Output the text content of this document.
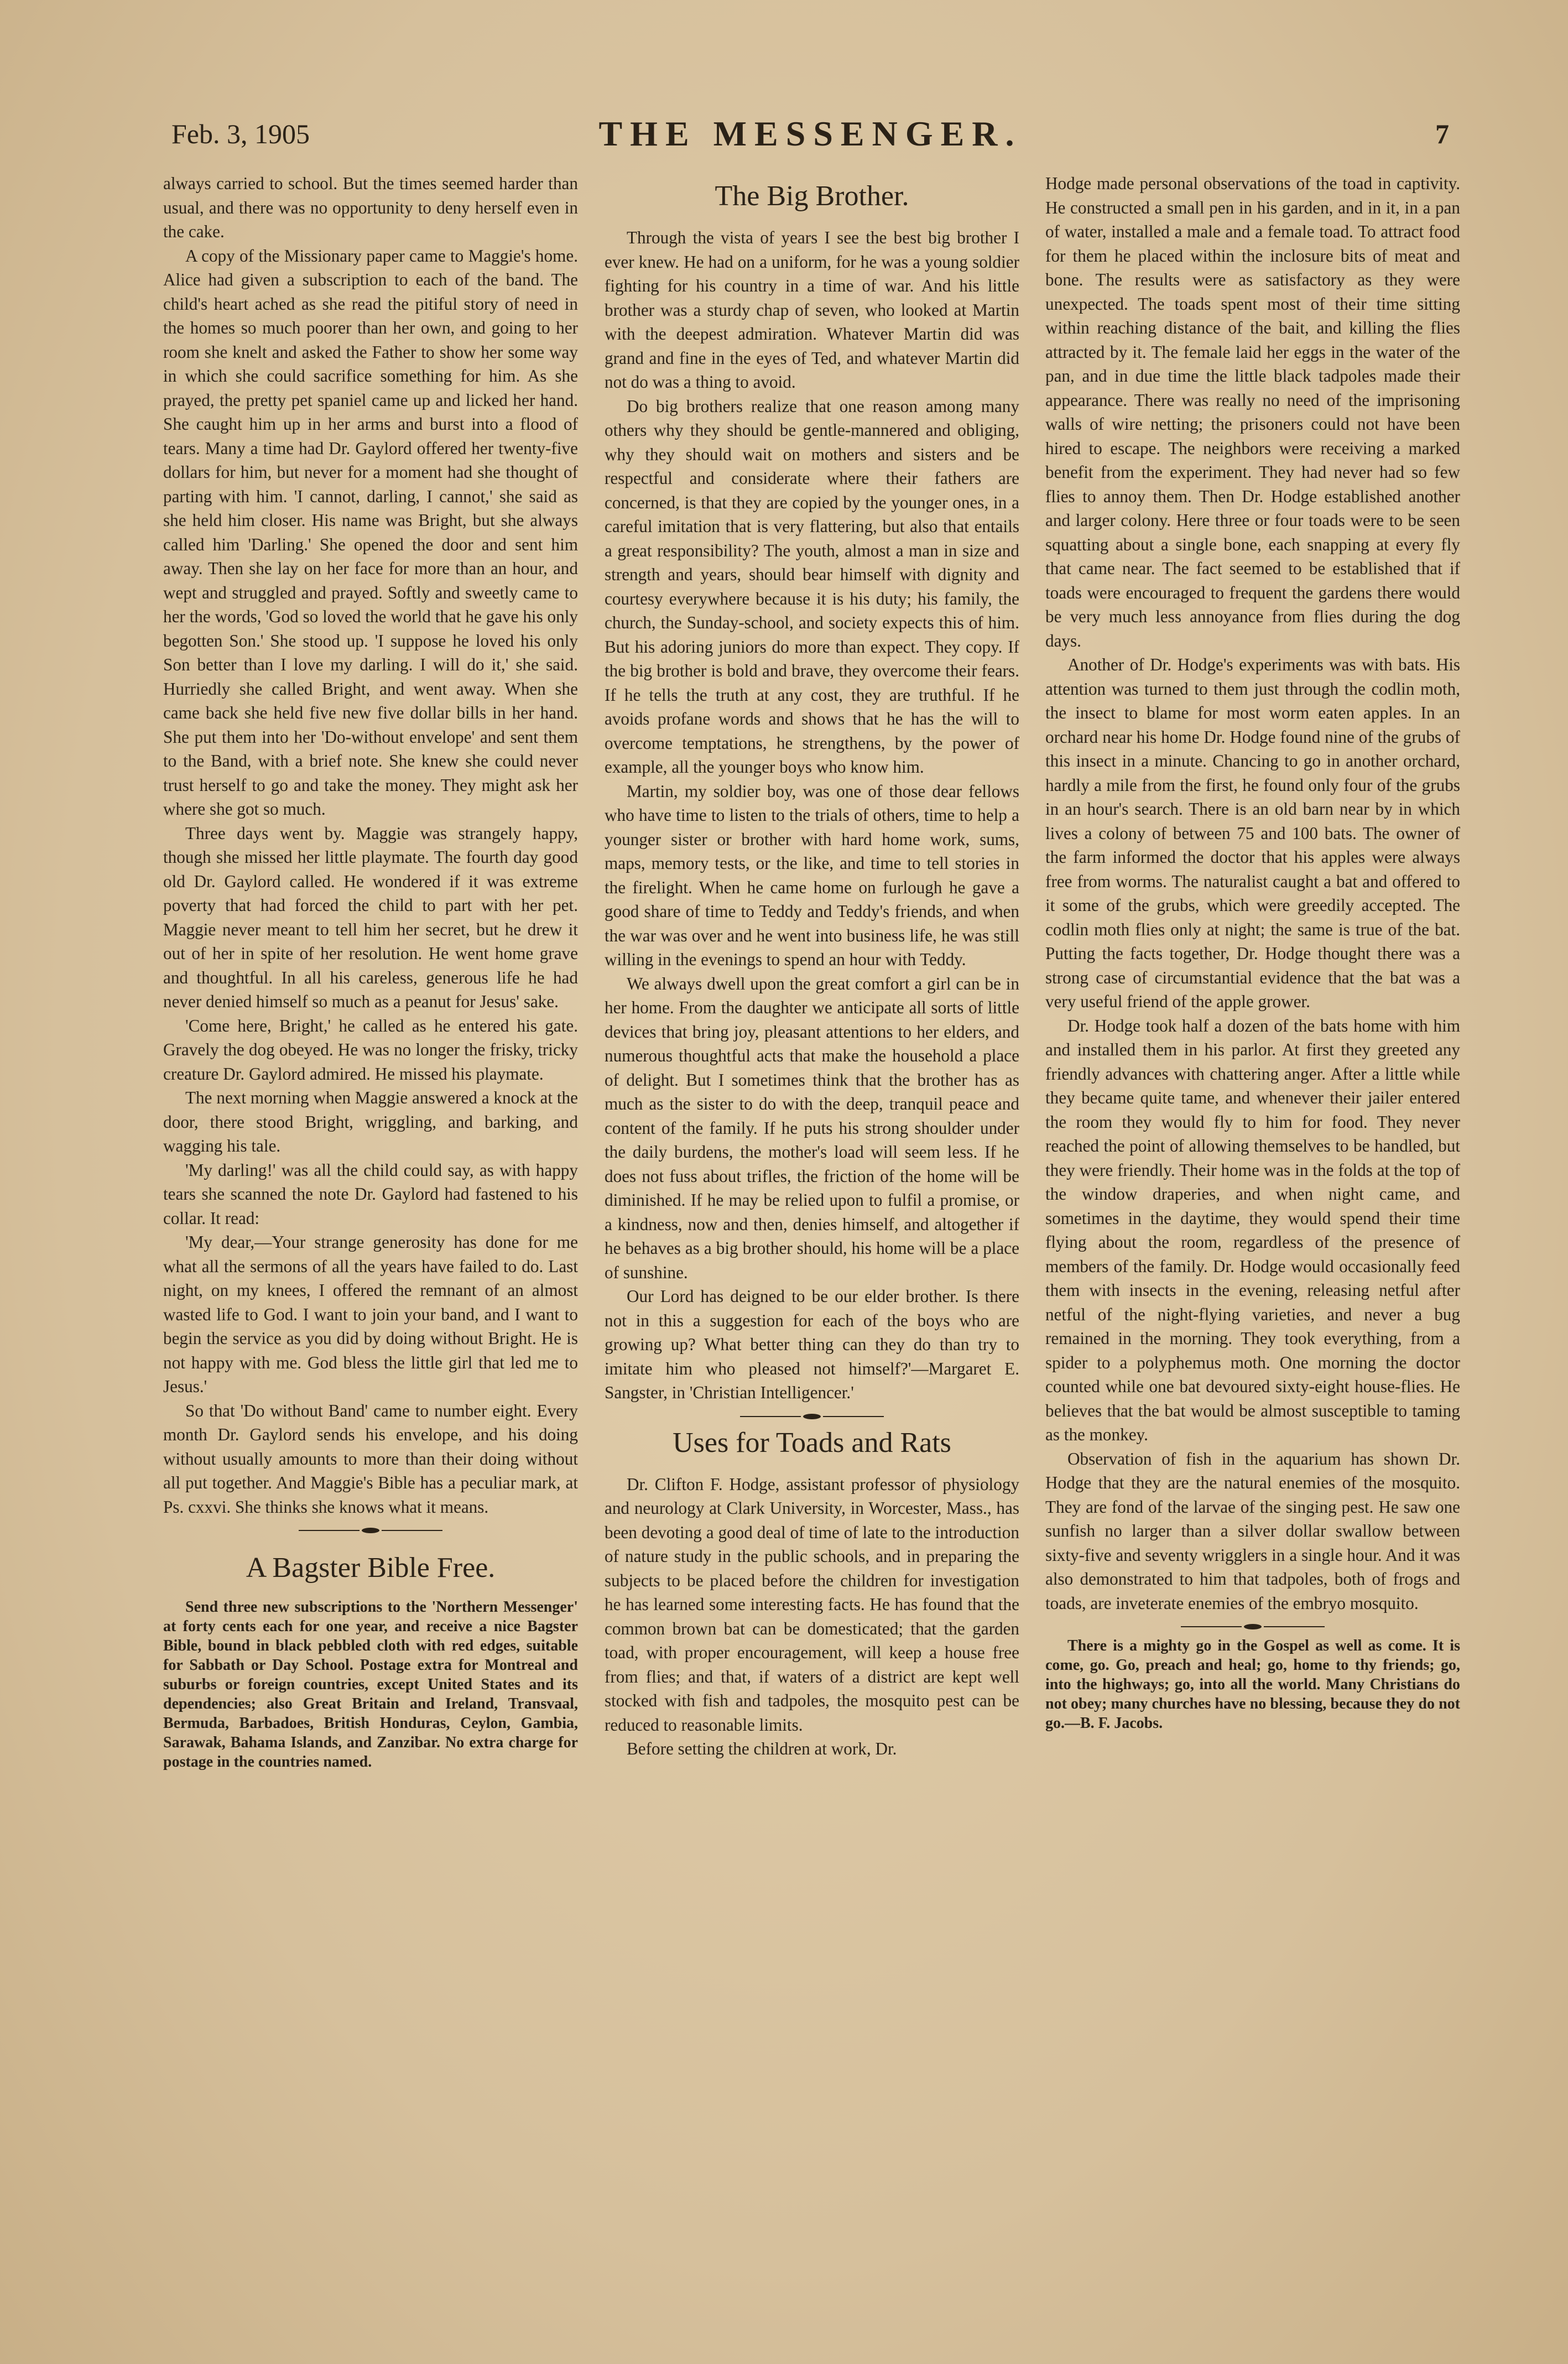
Feb. 3, 1905	THE MESSENGER.	7

always carried to school. But the times seemed harder than usual, and there was no opportunity to deny herself even in the cake.

A copy of the Missionary paper came to Maggie's home. Alice had given a subscription to each of the band. The child's heart ached as she read the pitiful story of need in the homes so much poorer than her own, and going to her room she knelt and asked the Father to show her some way in which she could sacrifice something for him. As she prayed, the pretty pet spaniel came up and licked her hand. She caught him up in her arms and burst into a flood of tears. Many a time had Dr. Gaylord offered her twenty-five dollars for him, but never for a moment had she thought of parting with him. 'I cannot, darling, I cannot,' she said as she held him closer. His name was Bright, but she always called him 'Darling.' She opened the door and sent him away. Then she lay on her face for more than an hour, and wept and struggled and prayed. Softly and sweetly came to her the words, 'God so loved the world that he gave his only begotten Son.' She stood up. 'I suppose he loved his only Son better than I love my darling. I will do it,' she said. Hurriedly she called Bright, and went away. When she came back she held five new five dollar bills in her hand. She put them into her 'Do-without envelope' and sent them to the Band, with a brief note. She knew she could never trust herself to go and take the money. They might ask her where she got so much.

Three days went by. Maggie was strangely happy, though she missed her little playmate. The fourth day good old Dr. Gaylord called. He wondered if it was extreme poverty that had forced the child to part with her pet. Maggie never meant to tell him her secret, but he drew it out of her in spite of her resolution. He went home grave and thoughtful. In all his careless, generous life he had never denied himself so much as a peanut for Jesus' sake.

'Come here, Bright,' he called as he entered his gate. Gravely the dog obeyed. He was no longer the frisky, tricky creature Dr. Gaylord admired. He missed his playmate.

The next morning when Maggie answered a knock at the door, there stood Bright, wriggling, and barking, and wagging his tale.

'My darling!' was all the child could say, as with happy tears she scanned the note Dr. Gaylord had fastened to his collar. It read:

'My dear,—Your strange generosity has done for me what all the sermons of all the years have failed to do. Last night, on my knees, I offered the remnant of an almost wasted life to God. I want to join your band, and I want to begin the service as you did by doing without Bright. He is not happy with me. God bless the little girl that led me to Jesus.'

So that 'Do without Band' came to number eight. Every month Dr. Gaylord sends his envelope, and his doing without usually amounts to more than their doing without all put together. And Maggie's Bible has a peculiar mark, at Ps. cxxvi. She thinks she knows what it means.

A Bagster Bible Free.

Send three new subscriptions to the 'Northern Messenger' at forty cents each for one year, and receive a nice Bagster Bible, bound in black pebbled cloth with red edges, suitable for Sabbath or Day School. Postage extra for Montreal and suburbs or foreign countries, except United States and its dependencies; also Great Britain and Ireland, Transvaal, Bermuda, Barbadoes, British Honduras, Ceylon, Gambia, Sarawak, Bahama Islands, and Zanzibar. No extra charge for postage in the countries named.

The Big Brother.

Through the vista of years I see the best big brother I ever knew. He had on a uniform, for he was a young soldier fighting for his country in a time of war. And his little brother was a sturdy chap of seven, who looked at Martin with the deepest admiration. Whatever Martin did was grand and fine in the eyes of Ted, and whatever Martin did not do was a thing to avoid.

Do big brothers realize that one reason among many others why they should be gentle-mannered and obliging, why they should wait on mothers and sisters and be respectful and considerate where their fathers are concerned, is that they are copied by the younger ones, in a careful imitation that is very flattering, but also that entails a great responsibility? The youth, almost a man in size and strength and years, should bear himself with dignity and courtesy everywhere because it is his duty; his family, the church, the Sunday-school, and society expects this of him. But his adoring juniors do more than expect. They copy. If the big brother is bold and brave, they overcome their fears. If he tells the truth at any cost, they are truthful. If he avoids profane words and shows that he has the will to overcome temptations, he strengthens, by the power of example, all the younger boys who know him.

Martin, my soldier boy, was one of those dear fellows who have time to listen to the trials of others, time to help a younger sister or brother with hard home work, sums, maps, memory tests, or the like, and time to tell stories in the firelight. When he came home on furlough he gave a good share of time to Teddy and Teddy's friends, and when the war was over and he went into business life, he was still willing in the evenings to spend an hour with Teddy.

We always dwell upon the great comfort a girl can be in her home. From the daughter we anticipate all sorts of little devices that bring joy, pleasant attentions to her elders, and numerous thoughtful acts that make the household a place of delight. But I sometimes think that the brother has as much as the sister to do with the deep, tranquil peace and content of the family. If he puts his strong shoulder under the daily burdens, the mother's load will seem less. If he does not fuss about trifles, the friction of the home will be diminished. If he may be relied upon to fulfil a promise, or a kindness, now and then, denies himself, and altogether if he behaves as a big brother should, his home will be a place of sunshine.

Our Lord has deigned to be our elder brother. Is there not in this a suggestion for each of the boys who are growing up? What better thing can they do than try to imitate him who pleased not himself?'—Margaret E. Sangster, in 'Christian Intelligencer.'

Uses for Toads and Rats

Dr. Clifton F. Hodge, assistant professor of physiology and neurology at Clark University, in Worcester, Mass., has been devoting a good deal of time of late to the introduction of nature study in the public schools, and in preparing the subjects to be placed before the children for investigation he has learned some interesting facts. He has found that the common brown bat can be domesticated; that the garden toad, with proper encouragement, will keep a house free from flies; and that, if waters of a district are kept well stocked with fish and tadpoles, the mosquito pest can be reduced to reasonable limits.

Before setting the children at work, Dr.

Hodge made personal observations of the toad in captivity. He constructed a small pen in his garden, and in it, in a pan of water, installed a male and a female toad. To attract food for them he placed within the inclosure bits of meat and bone. The results were as satisfactory as they were unexpected. The toads spent most of their time sitting within reaching distance of the bait, and killing the flies attracted by it. The female laid her eggs in the water of the pan, and in due time the little black tadpoles made their appearance. There was really no need of the imprisoning walls of wire netting; the prisoners could not have been hired to escape. The neighbors were receiving a marked benefit from the experiment. They had never had so few flies to annoy them. Then Dr. Hodge established another and larger colony. Here three or four toads were to be seen squatting about a single bone, each snapping at every fly that came near. The fact seemed to be established that if toads were encouraged to frequent the gardens there would be very much less annoyance from flies during the dog days.

Another of Dr. Hodge's experiments was with bats. His attention was turned to them just through the codlin moth, the insect to blame for most worm eaten apples. In an orchard near his home Dr. Hodge found nine of the grubs of this insect in a minute. Chancing to go in another orchard, hardly a mile from the first, he found only four of the grubs in an hour's search. There is an old barn near by in which lives a colony of between 75 and 100 bats. The owner of the farm informed the doctor that his apples were always free from worms. The naturalist caught a bat and offered to it some of the grubs, which were greedily accepted. The codlin moth flies only at night; the same is true of the bat. Putting the facts together, Dr. Hodge thought there was a strong case of circumstantial evidence that the bat was a very useful friend of the apple grower.

Dr. Hodge took half a dozen of the bats home with him and installed them in his parlor. At first they greeted any friendly advances with chattering anger. After a little while they became quite tame, and whenever their jailer entered the room they would fly to him for food. They never reached the point of allowing themselves to be handled, but they were friendly. Their home was in the folds at the top of the window draperies, and when night came, and sometimes in the daytime, they would spend their time flying about the room, regardless of the presence of members of the family. Dr. Hodge would occasionally feed them with insects in the evening, releasing netful after netful of the night-flying varieties, and never a bug remained in the morning. They took everything, from a spider to a polyphemus moth. One morning the doctor counted while one bat devoured sixty-eight house-flies. He believes that the bat would be almost susceptible to taming as the monkey.

Observation of fish in the aquarium has shown Dr. Hodge that they are the natural enemies of the mosquito. They are fond of the larvae of the singing pest. He saw one sunfish no larger than a silver dollar swallow between sixty-five and seventy wrigglers in a single hour. And it was also demonstrated to him that tadpoles, both of frogs and toads, are inveterate enemies of the embryo mosquito.

There is a mighty go in the Gospel as well as come. It is come, go. Go, preach and heal; go, home to thy friends; go, into the highways; go, into all the world. Many Christians do not obey; many churches have no blessing, because they do not go.—B. F. Jacobs.
